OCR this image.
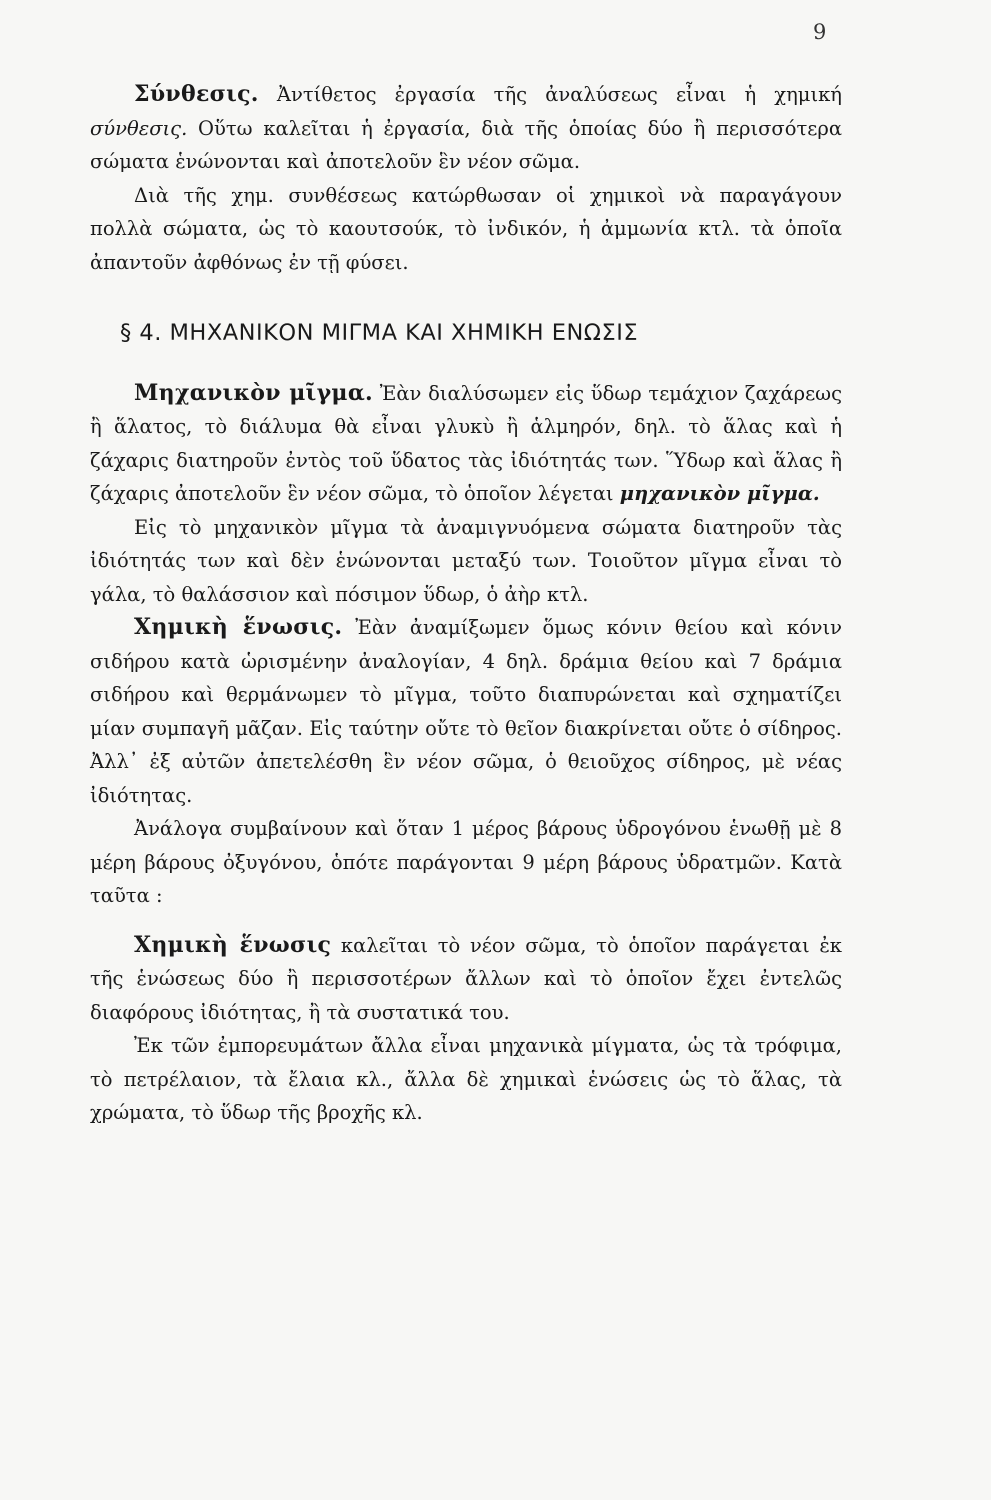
9

Σύνθεσις. Ἀντίθετος ἐργασία τῆς ἀναλύσεως εἶναι ἡ χημική σύνθεσις. Οὕτω καλεῖται ἡ ἐργασία, διὰ τῆς ὁποίας δύο ἢ περισσότερα σώματα ἑνώνονται καὶ ἀποτελοῦν ἓν νέον σῶμα.

Διὰ τῆς χημ. συνθέσεως κατώρθωσαν οἱ χημικοὶ νὰ παραγάγουν πολλὰ σώματα, ὡς τὸ καουτσούκ, τὸ ἰνδικόν, ἡ ἀμμωνία κτλ. τὰ ὁποῖα ἀπαντοῦν ἀφθόνως ἐν τῇ φύσει.

§ 4. ΜΗΧΑΝΙΚΟΝ ΜΙΓΜΑ ΚΑΙ ΧΗΜΙΚΗ ΕΝΩΣΙΣ

Μηχανικὸν μῖγμα. Ἐὰν διαλύσωμεν εἰς ὕδωρ τεμάχιον ζαχάρεως ἢ ἅλατος, τὸ διάλυμα θὰ εἶναι γλυκὺ ἢ ἁλμηρόν, δηλ. τὸ ἅλας καὶ ἡ ζάχαρις διατηροῦν ἐντὸς τοῦ ὕδατος τὰς ἰδιότητάς των. Ὕδωρ καὶ ἅλας ἢ ζάχαρις ἀποτελοῦν ἓν νέον σῶμα, τὸ ὁποῖον λέγεται μηχανικὸν μῖγμα.

Εἰς τὸ μηχανικὸν μῖγμα τὰ ἀναμιγνυόμενα σώματα διατηροῦν τὰς ἰδιότητάς των καὶ δὲν ἑνώνονται μεταξύ των. Τοιοῦτον μῖγμα εἶναι τὸ γάλα, τὸ θαλάσσιον καὶ πόσιμον ὕδωρ, ὁ ἀὴρ κτλ.

Χημικὴ ἕνωσις. Ἐὰν ἀναμίξωμεν ὅμως κόνιν θείου καὶ κόνιν σιδήρου κατὰ ὡρισμένην ἀναλογίαν, 4 δηλ. δράμια θείου καὶ 7 δράμια σιδήρου καὶ θερμάνωμεν τὸ μῖγμα, τοῦτο διαπυρώνεται καὶ σχηματίζει μίαν συμπαγῆ μᾶζαν. Εἰς ταύτην οὔτε τὸ θεῖον διακρίνεται οὔτε ὁ σίδηρος. Ἀλλ᾽ ἐξ αὐτῶν ἀπετελέσθη ἓν νέον σῶμα, ὁ θειοῦχος σίδηρος, μὲ νέας ἰδιότητας.

Ἀνάλογα συμβαίνουν καὶ ὅταν 1 μέρος βάρους ὑδρογόνου ἑνωθῇ μὲ 8 μέρη βάρους ὀξυγόνου, ὁπότε παράγονται 9 μέρη βάρους ὑδρατμῶν. Κατὰ ταῦτα :

Χημικὴ ἕνωσις καλεῖται τὸ νέον σῶμα, τὸ ὁποῖον παράγεται ἐκ τῆς ἑνώσεως δύο ἢ περισσοτέρων ἄλλων καὶ τὸ ὁποῖον ἔχει ἐντελῶς διαφόρους ἰδιότητας, ἢ τὰ συστατικά του.

Ἐκ τῶν ἐμπορευμάτων ἄλλα εἶναι μηχανικὰ μίγματα, ὡς τὰ τρόφιμα, τὸ πετρέλαιον, τὰ ἔλαια κλ., ἄλλα δὲ χημικαὶ ἑνώσεις ὡς τὸ ἅλας, τὰ χρώματα, τὸ ὕδωρ τῆς βροχῆς κλ.
